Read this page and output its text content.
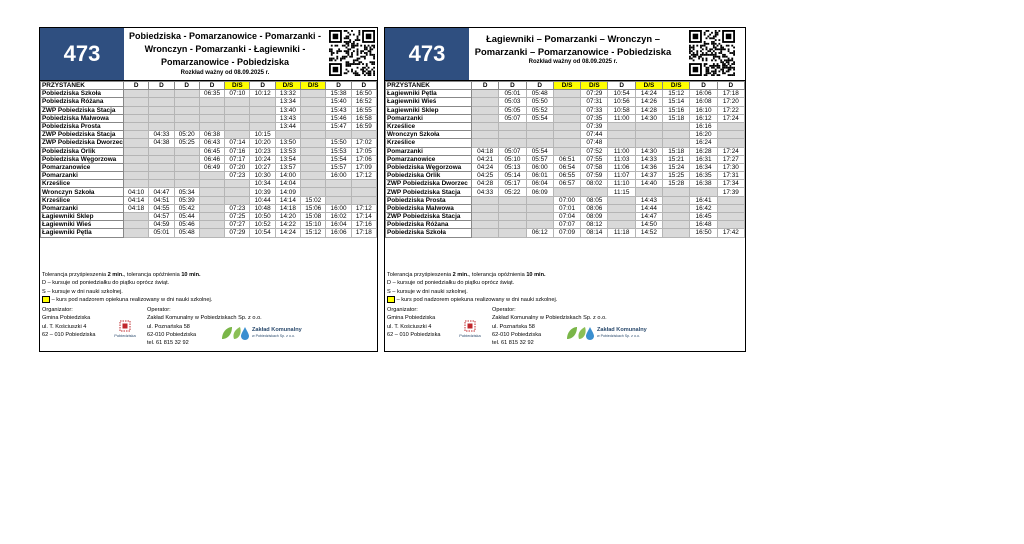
473
Pobiedziska - Pomarzanowice - Pomarzanki -
Wronczyn - Pomarzanki - Łagiewniki -
Pomarzanowice - Pobiedziska
Rozkład ważny od 08.09.2025 r.
PRZYSTANEK	D	D	D	D	D/S	D	D/S	D/S	D	D
Pobiedziska Szkoła				06:35	07:10	10:12	13:32		15:38	16:50
Pobiedziska Różana							13:34		15:40	16:52
ZWP Pobiedziska Stacja							13:40		15:43	16:55
Pobiedziska Malwowa							13:43		15:46	16:58
Pobiedziska Prosta							13:44		15:47	16:59
ZWP Pobiedziska Stacja		04:33	05:20	06:38		10:15				
ZWP Pobiedziska Dworzec		04:38	05:25	06:43	07:14	10:20	13:50		15:50	17:02
Pobiedziska Orlik				06:45	07:16	10:23	13:53		15:53	17:05
Pobiedziska Węgorzowa				06:46	07:17	10:24	13:54		15:54	17:06
Pomarzanowice				06:49	07:20	10:27	13:57		15:57	17:09
Pomarzanki					07:23	10:30	14:00		16:00	17:12
Krześlice						10:34	14:04			
Wronczyn Szkoła	04:10	04:47	05:34			10:39	14:09			
Krześlice	04:14	04:51	05:39			10:44	14:14	15:02		
Pomarzanki	04:18	04:55	05:42		07:23	10:48	14:18	15:06	16:00	17:12
Łagiewniki Sklep		04:57	05:44		07:25	10:50	14:20	15:08	16:02	17:14
Łagiewniki Wieś		04:59	05:46		07:27	10:52	14:22	15:10	16:04	17:16
Łagiewniki Pętla		05:01	05:48		07:29	10:54	14:24	15:12	16:06	17:18
Tolerancja przyśpieszenia 2 min., tolerancja opóźnienia 10 min.
D – kursuje od poniedziałku do piątku oprócz świąt.
S – kursuje w dni nauki szkolnej.
– kurs pod nadzorem opiekuna realizowany w dni nauki szkolnej.
Organizator:
Gmina Pobiedziska
ul. T. Kościuszki 4
62 – 010 Pobiedziska
Operator:
Zakład Komunalny w Pobiedziskach Sp. z o.o.
ul. Poznańska 58
62-010 Pobiedziska
tel. 61 815 32 92
Pobiedziska
Zakład Komunalny
w Pobiedziskach Sp. z o.o.
473
Łagiewniki – Pomarzanki – Wronczyn –
Pomarzanki – Pomarzanowice - Pobiedziska
Rozkład ważny od 08.09.2025 r.
PRZYSTANEK	D	D	D	D/S	D/S	D	D/S	D/S	D	D
Łagiewniki Pętla		05:01	05:48		07:29	10:54	14:24	15:12	16:06	17:18
Łagiewniki Wieś		05:03	05:50		07:31	10:56	14:26	15:14	16:08	17:20
Łagiewniki Sklep		05:05	05:52		07:33	10:58	14:28	15:16	16:10	17:22
Pomarzanki		05:07	05:54		07:35	11:00	14:30	15:18	16:12	17:24
Krześlice					07:39				16:16	
Wronczyn Szkoła					07:44				16:20	
Krześlice					07:48				16:24	
Pomarzanki	04:18	05:07	05:54		07:52	11:00	14:30	15:18	16:28	17:24
Pomarzanowice	04:21	05:10	05:57	06:51	07:55	11:03	14:33	15:21	16:31	17:27
Pobiedziska Węgorzowa	04:24	05:13	06:00	06:54	07:58	11:06	14:36	15:24	16:34	17:30
Pobiedziska Orlik	04:25	05:14	06:01	06:55	07:59	11:07	14:37	15:25	16:35	17:31
ZWP Pobiedziska Dworzec	04:28	05:17	06:04	06:57	08:02	11:10	14:40	15:28	16:38	17:34
ZWP Pobiedziska Stacja	04:33	05:22	06:09			11:15				17:39
Pobiedziska Prosta				07:00	08:05		14:43		16:41	
Pobiedziska Malwowa				07:01	08:06		14:44		16:42	
ZWP Pobiedziska Stacja				07:04	08:09		14:47		16:45	
Pobiedziska Różana				07:07	08:12		14:50		16:48	
Pobiedziska Szkoła			06:12	07:09	08:14	11:18	14:52		16:50	17:42
Tolerancja przyśpieszenia 2 min., tolerancja opóźnienia 10 min.
D – kursuje od poniedziałku do piątku oprócz świąt.
S – kursuje w dni nauki szkolnej.
– kurs pod nadzorem opiekuna realizowany w dni nauki szkolnej.
Organizator:
Gmina Pobiedziska
ul. T. Kościuszki 4
62 – 010 Pobiedziska
Operator:
Zakład Komunalny w Pobiedziskach Sp. z o.o.
ul. Poznańska 58
62-010 Pobiedziska
tel. 61 815 32 92
Pobiedziska
Zakład Komunalny
w Pobiedziskach Sp. z o.o.
